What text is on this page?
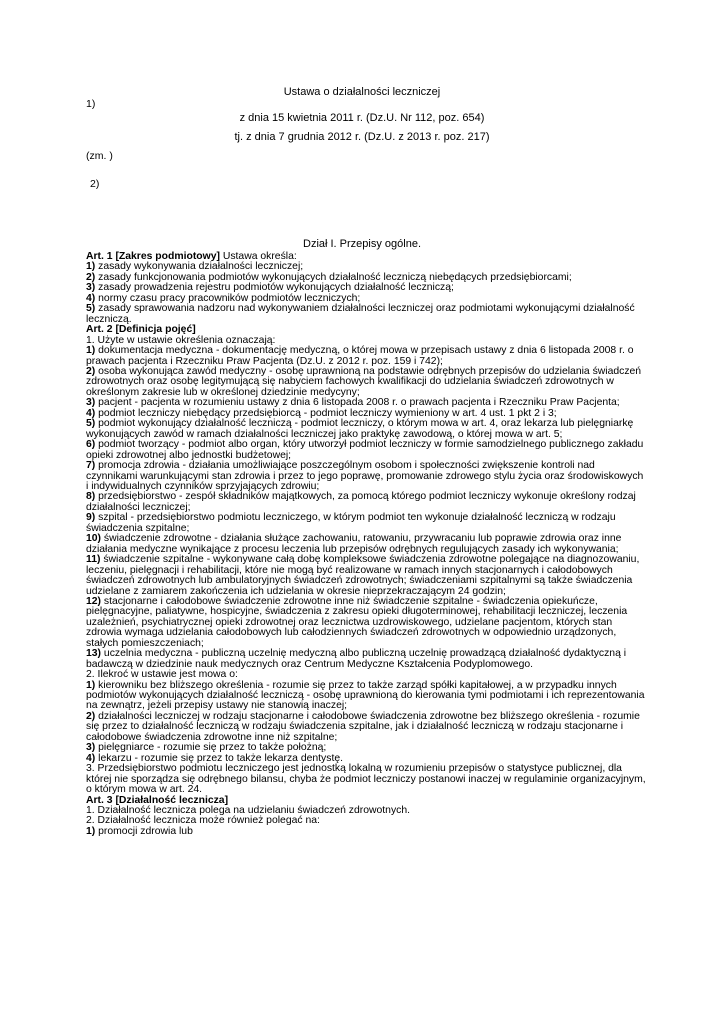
Ustawa o działalności leczniczej
1)
z dnia 15 kwietnia 2011 r. (Dz.U. Nr 112, poz. 654)
tj. z dnia 7 grudnia 2012 r. (Dz.U. z 2013 r. poz. 217)
(zm. )
2)
Dział I. Przepisy ogólne.

Art. 1 [Zakres podmiotowy] Ustawa określa:

1) zasady wykonywania działalności leczniczej;

2) zasady funkcjonowania podmiotów wykonujących działalność leczniczą niebędących przedsiębiorcami;

3) zasady prowadzenia rejestru podmiotów wykonujących działalność leczniczą;

4) normy czasu pracy pracowników podmiotów leczniczych;

5) zasady sprawowania nadzoru nad wykonywaniem działalności leczniczej oraz podmiotami wykonującymi działalność leczniczą.

Art. 2 [Definicja pojęć]

1. Użyte w ustawie określenia oznaczają:

1) dokumentacja medyczna - dokumentację medyczną, o której mowa w przepisach ustawy z dnia 6 listopada 2008 r. o prawach pacjenta i Rzeczniku Praw Pacjenta (Dz.U. z 2012 r. poz. 159 i 742);

2) osoba wykonująca zawód medyczny - osobę uprawnioną na podstawie odrębnych przepisów do udzielania świadczeń zdrowotnych oraz osobę legitymującą się nabyciem fachowych kwalifikacji do udzielania świadczeń zdrowotnych w określonym zakresie lub w określonej dziedzinie medycyny;

3) pacjent - pacjenta w rozumieniu ustawy z dnia 6 listopada 2008 r. o prawach pacjenta i Rzeczniku Praw Pacjenta;

4) podmiot leczniczy niebędący przedsiębiorcą - podmiot leczniczy wymieniony w art. 4 ust. 1 pkt 2 i 3;

5) podmiot wykonujący działalność leczniczą - podmiot leczniczy, o którym mowa w art. 4, oraz lekarza lub pielęgniarkę wykonujących zawód w ramach działalności leczniczej jako praktykę zawodową, o której mowa w art. 5;

6) podmiot tworzący - podmiot albo organ, który utworzył podmiot leczniczy w formie samodzielnego publicznego zakładu opieki zdrowotnej albo jednostki budżetowej;

7) promocja zdrowia - działania umożliwiające poszczególnym osobom i społeczności zwiększenie kontroli nad czynnikami warunkującymi stan zdrowia i przez to jego poprawę, promowanie zdrowego stylu życia oraz środowiskowych i indywidualnych czynników sprzyjających zdrowiu;

8) przedsiębiorstwo - zespół składników majątkowych, za pomocą którego podmiot leczniczy wykonuje określony rodzaj działalności leczniczej;

9) szpital - przedsiębiorstwo podmiotu leczniczego, w którym podmiot ten wykonuje działalność leczniczą w rodzaju świadczenia szpitalne;

10) świadczenie zdrowotne - działania służące zachowaniu, ratowaniu, przywracaniu lub poprawie zdrowia oraz inne działania medyczne wynikające z procesu leczenia lub przepisów odrębnych regulujących zasady ich wykonywania;

11) świadczenie szpitalne - wykonywane całą dobę kompleksowe świadczenia zdrowotne polegające na diagnozowaniu, leczeniu, pielęgnacji i rehabilitacji, które nie mogą być realizowane w ramach innych stacjonarnych i całodobowych świadczeń zdrowotnych lub ambulatoryjnych świadczeń zdrowotnych; świadczeniami szpitalnymi są także świadczenia udzielane z zamiarem zakończenia ich udzielania w okresie nieprzekraczającym 24 godzin;

12) stacjonarne i całodobowe świadczenie zdrowotne inne niż świadczenie szpitalne - świadczenia opiekuńcze, pielęgnacyjne, paliatywne, hospicyjne, świadczenia z zakresu opieki długoterminowej, rehabilitacji leczniczej, leczenia uzależnień, psychiatrycznej opieki zdrowotnej oraz lecznictwa uzdrowiskowego, udzielane pacjentom, których stan zdrowia wymaga udzielania całodobowych lub całodziennych świadczeń zdrowotnych w odpowiednio urządzonych, stałych pomieszczeniach;

13) uczelnia medyczna - publiczną uczelnię medyczną albo publiczną uczelnię prowadzącą działalność dydaktyczną i badawczą w dziedzinie nauk medycznych oraz Centrum Medyczne Kształcenia Podyplomowego.

2. Ilekroć w ustawie jest mowa o:

1) kierowniku bez bliższego określenia - rozumie się przez to także zarząd spółki kapitałowej, a w przypadku innych podmiotów wykonujących działalność leczniczą - osobę uprawnioną do kierowania tymi podmiotami i ich reprezentowania na zewnątrz, jeżeli przepisy ustawy nie stanowią inaczej;

2) działalności leczniczej w rodzaju stacjonarne i całodobowe świadczenia zdrowotne bez bliższego określenia - rozumie się przez to działalność leczniczą w rodzaju świadczenia szpitalne, jak i działalność leczniczą w rodzaju stacjonarne i całodobowe świadczenia zdrowotne inne niż szpitalne;

3) pielęgniarce - rozumie się przez to także położną;

4) lekarzu - rozumie się przez to także lekarza dentystę.

3. Przedsiębiorstwo podmiotu leczniczego jest jednostką lokalną w rozumieniu przepisów o statystyce publicznej, dla której nie sporządza się odrębnego bilansu, chyba że podmiot leczniczy postanowi inaczej w regulaminie organizacyjnym, o którym mowa w art. 24.

Art. 3 [Działalność lecznicza]

1. Działalność lecznicza polega na udzielaniu świadczeń zdrowotnych.

2. Działalność lecznicza może również polegać na:

1) promocji zdrowia lub
